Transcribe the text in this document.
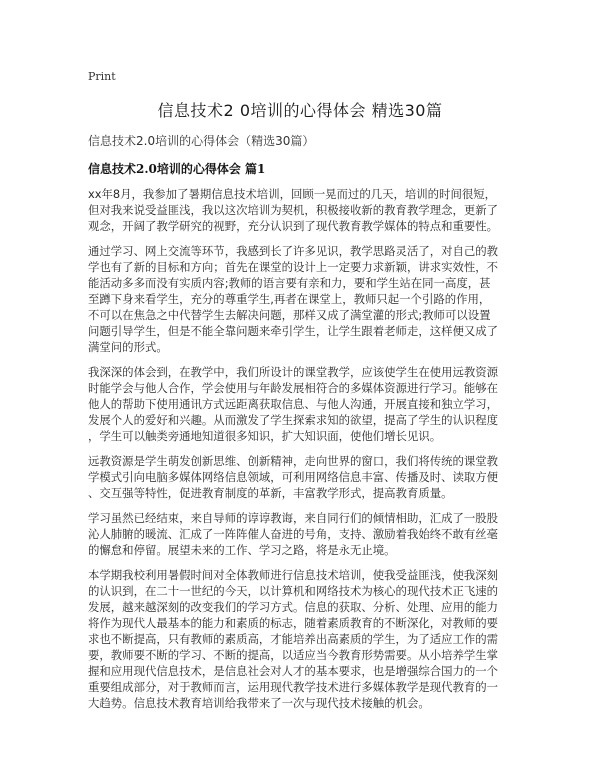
Print
信息技术2 0培训的心得体会 精选30篇
信息技术2.0培训的心得体会（精选30篇）
信息技术2.0培训的心得体会 篇1

xx年8月，我参加了暑期信息技术培训，回顾一晃而过的几天，培训的时间很短，
但对我来说受益匪浅，我以这次培训为契机，积极接收新的教育教学理念，更新了
观念，开阔了教学研究的视野，充分认识到了现代教育教学媒体的特点和重要性。

通过学习、网上交流等环节，我感到长了许多见识，教学思路灵活了，对自己的教
学也有了新的目标和方向；首先在课堂的设计上一定要力求新颖，讲求实效性，不
能活动多多而没有实质内容;教师的语言要有亲和力，要和学生站在同一高度，甚
至蹲下身来看学生，充分的尊重学生,再者在课堂上，教师只起一个引路的作用，
不可以在焦急之中代替学生去解决问题，那样又成了满堂灌的形式;教师可以设置
问题引导学生，但是不能全靠问题来牵引学生，让学生跟着老师走，这样便又成了
满堂问的形式。

我深深的体会到，在教学中，我们所设计的课堂教学，应该使学生在使用远教资源
时能学会与他人合作，学会使用与年龄发展相符合的多媒体资源进行学习。能够在
他人的帮助下使用通讯方式远距离获取信息、与他人沟通，开展直接和独立学习，
发展个人的爱好和兴趣。从而激发了学生探索求知的欲望，提高了学生的认识程度
，学生可以触类旁通地知道很多知识，扩大知识面，使他们增长见识。

远教资源是学生萌发创新思维、创新精神，走向世界的窗口，我们将传统的课堂教
学模式引向电脑多媒体网络信息领域，可利用网络信息丰富、传播及时、读取方便
、交互强等特性，促进教育制度的革新，丰富教学形式，提高教育质量。

学习虽然已经结束，来自导师的谆谆教诲，来自同行们的倾情相助，汇成了一股股
沁人肺腑的暖流、汇成了一阵阵催人奋进的号角，支持、激励着我始终不敢有丝毫
的懈怠和停留。展望未来的工作、学习之路，将是永无止境。

本学期我校利用暑假时间对全体教师进行信息技术培训，使我受益匪浅，使我深刻
的认识到，在二十一世纪的今天，以计算机和网络技术为核心的现代技术正飞速的
发展，越来越深刻的改变我们的学习方式。信息的获取、分析、处理、应用的能力
将作为现代人最基本的能力和素质的标志，随着素质教育的不断深化，对教师的要
求也不断提高，只有教师的素质高，才能培养出高素质的学生，为了适应工作的需
要，教师要不断的学习、不断的提高，以适应当今教育形势需要。从小培养学生掌
握和应用现代信息技术，是信息社会对人才的基本要求，也是增强综合国力的一个
重要组成部分，对于教师而言，运用现代教学技术进行多媒体教学是现代教育的一
大趋势。信息技术教育培训给我带来了一次与现代技术接触的机会。
